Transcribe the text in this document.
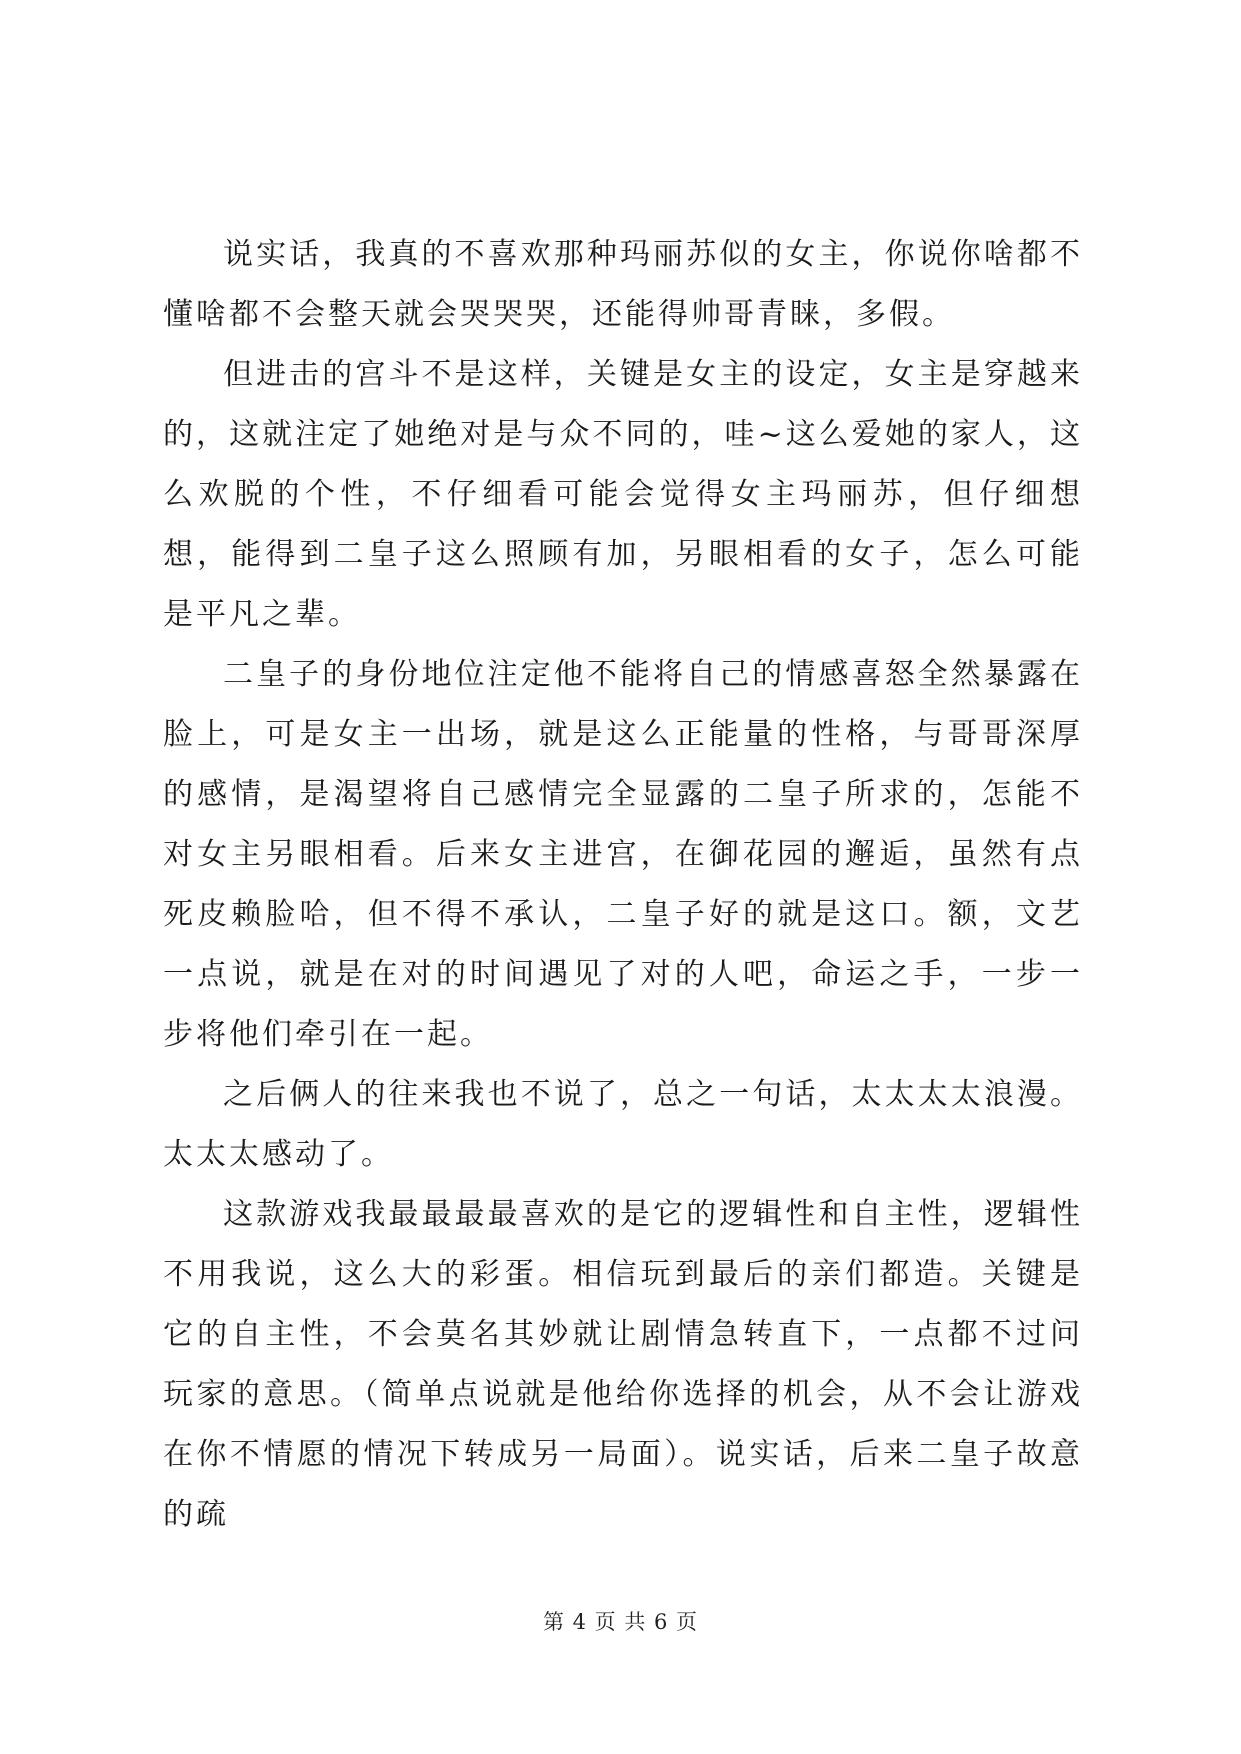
说实话，我真的不喜欢那种玛丽苏似的女主，你说你啥都不懂啥都不会整天就会哭哭哭，还能得帅哥青睐，多假。

但进击的宫斗不是这样，关键是女主的设定，女主是穿越来的，这就注定了她绝对是与众不同的，哇~这么爱她的家人，这么欢脱的个性，不仔细看可能会觉得女主玛丽苏，但仔细想想，能得到二皇子这么照顾有加，另眼相看的女子，怎么可能是平凡之辈。

二皇子的身份地位注定他不能将自己的情感喜怒全然暴露在脸上，可是女主一出场，就是这么正能量的性格，与哥哥深厚的感情，是渴望将自己感情完全显露的二皇子所求的，怎能不对女主另眼相看。后来女主进宫，在御花园的邂逅，虽然有点死皮赖脸哈，但不得不承认，二皇子好的就是这口。额，文艺一点说，就是在对的时间遇见了对的人吧，命运之手，一步一步将他们牵引在一起。

之后俩人的往来我也不说了，总之一句话，太太太太浪漫。太太太感动了。

这款游戏我最最最最喜欢的是它的逻辑性和自主性，逻辑性不用我说，这么大的彩蛋。相信玩到最后的亲们都造。关键是它的自主性，不会莫名其妙就让剧情急转直下，一点都不过问玩家的意思。（简单点说就是他给你选择的机会，从不会让游戏在你不情愿的情况下转成另一局面）。说实话，后来二皇子故意的疏

第 4 页 共 6 页
